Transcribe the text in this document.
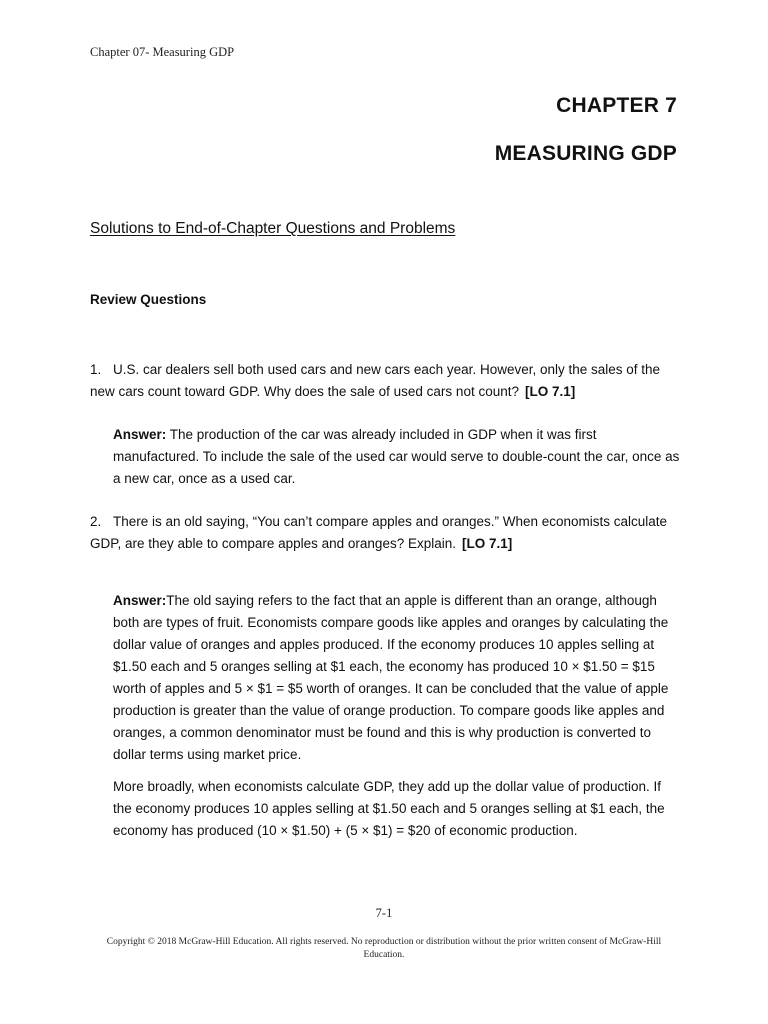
Chapter 07- Measuring GDP
CHAPTER 7
MEASURING GDP
Solutions to End-of-Chapter Questions and Problems
Review Questions
1. U.S. car dealers sell both used cars and new cars each year. However, only the sales of the new cars count toward GDP. Why does the sale of used cars not count? [LO 7.1]
Answer: The production of the car was already included in GDP when it was first manufactured. To include the sale of the used car would serve to double-count the car, once as a new car, once as a used car.
2. There is an old saying, “You can’t compare apples and oranges.” When economists calculate GDP, are they able to compare apples and oranges? Explain. [LO 7.1]
Answer:The old saying refers to the fact that an apple is different than an orange, although both are types of fruit. Economists compare goods like apples and oranges by calculating the dollar value of oranges and apples produced. If the economy produces 10 apples selling at $1.50 each and 5 oranges selling at $1 each, the economy has produced 10 × $1.50 = $15 worth of apples and 5 × $1 = $5 worth of oranges. It can be concluded that the value of apple production is greater than the value of orange production. To compare goods like apples and oranges, a common denominator must be found and this is why production is converted to dollar terms using market price.
More broadly, when economists calculate GDP, they add up the dollar value of production. If the economy produces 10 apples selling at $1.50 each and 5 oranges selling at $1 each, the economy has produced (10 × $1.50) + (5 × $1) = $20 of economic production.
7-1
Copyright © 2018 McGraw-Hill Education. All rights reserved. No reproduction or distribution without the prior written consent of McGraw-Hill Education.
